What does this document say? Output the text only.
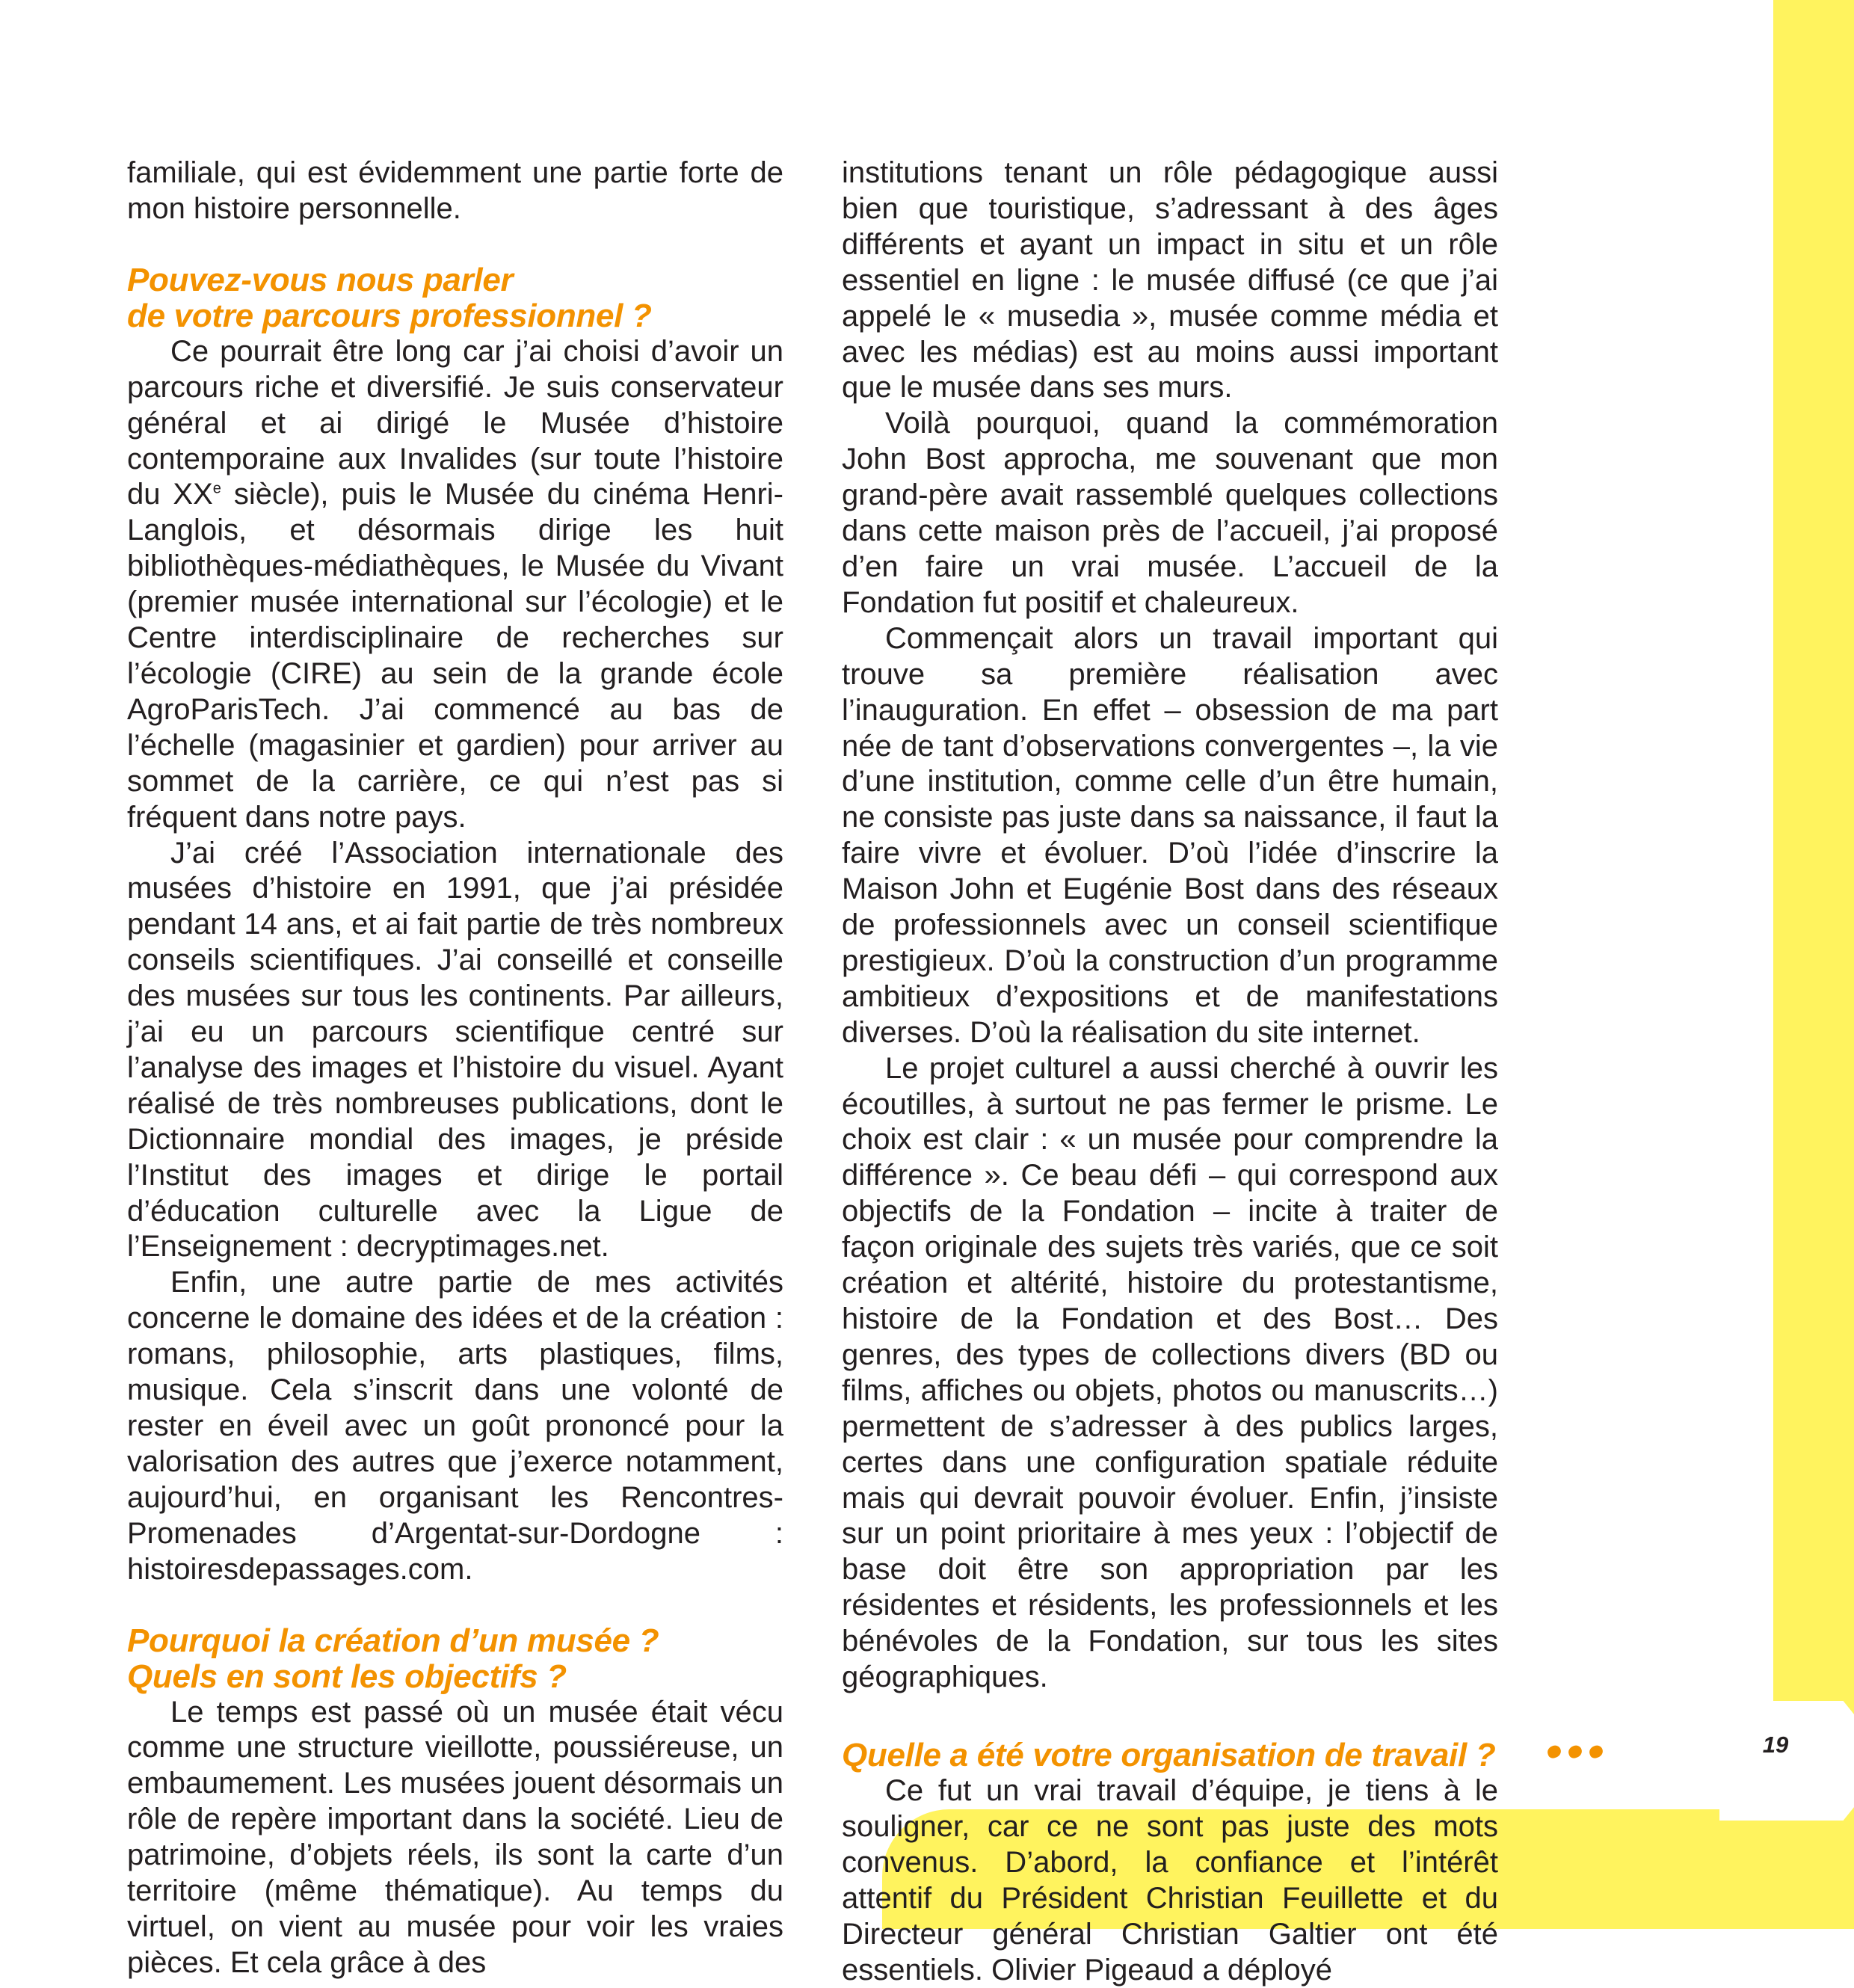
19

familiale, qui est évidemment une partie forte de mon histoire personnelle.

Pouvez-vous nous parler
de votre parcours professionnel ?

Ce pourrait être long car j’ai choisi d’avoir un parcours riche et diversifié. Je suis conservateur général et ai dirigé le Musée d’histoire contemporaine aux Invalides (sur toute l’histoire du XXe siècle), puis le Musée du cinéma Henri-Langlois, et désormais dirige les huit bibliothèques-médiathèques, le Musée du Vivant (premier musée international sur l’écologie) et le Centre interdisciplinaire de recherches sur l’écologie (CIRE) au sein de la grande école AgroParisTech. J’ai commencé au bas de l’échelle (magasinier et gardien) pour arriver au sommet de la carrière, ce qui n’est pas si fréquent dans notre pays.

J’ai créé l’Association internationale des musées d’histoire en 1991, que j’ai présidée pendant 14 ans, et ai fait partie de très nombreux conseils scientifiques. J’ai conseillé et conseille des musées sur tous les continents. Par ailleurs, j’ai eu un parcours scientifique centré sur l’analyse des images et l’histoire du visuel. Ayant réalisé de très nombreuses publications, dont le Dictionnaire mondial des images, je préside l’Institut des images et dirige le portail d’éducation culturelle avec la Ligue de l’Enseignement : decryptimages.net.

Enfin, une autre partie de mes activités concerne le domaine des idées et de la création : romans, philosophie, arts plastiques, films, musique. Cela s’inscrit dans une volonté de rester en éveil avec un goût prononcé pour la valorisation des autres que j’exerce notamment, aujourd’hui, en organisant les Rencontres-Promenades d’Argentat-sur-Dordogne : histoiresdepassages.com.

Pourquoi la création d’un musée ?
Quels en sont les objectifs ?

Le temps est passé où un musée était vécu comme une structure vieillotte, poussiéreuse, un embaumement. Les musées jouent désormais un rôle de repère important dans la société. Lieu de patrimoine, d’objets réels, ils sont la carte d’un territoire (même thématique). Au temps du virtuel, on vient au musée pour voir les vraies pièces. Et cela grâce à des

institutions tenant un rôle pédagogique aussi bien que touristique, s’adressant à des âges différents et ayant un impact in situ et un rôle essentiel en ligne : le musée diffusé (ce que j’ai appelé le « musedia », musée comme média et avec les médias) est au moins aussi important que le musée dans ses murs.

Voilà pourquoi, quand la commémoration John Bost approcha, me souvenant que mon grand-père avait rassemblé quelques collections dans cette maison près de l’accueil, j’ai proposé d’en faire un vrai musée. L’accueil de la Fondation fut positif et chaleureux.

Commençait alors un travail important qui trouve sa première réalisation avec l’inauguration. En effet – obsession de ma part née de tant d’observations convergentes –, la vie d’une institution, comme celle d’un être humain, ne consiste pas juste dans sa naissance, il faut la faire vivre et évoluer. D’où l’idée d’inscrire la Maison John et Eugénie Bost dans des réseaux de professionnels avec un conseil scientifique prestigieux. D’où la construction d’un programme ambitieux d’expositions et de manifestations diverses. D’où la réalisation du site internet.

Le projet culturel a aussi cherché à ouvrir les écoutilles, à surtout ne pas fermer le prisme. Le choix est clair : « un musée pour comprendre la différence ». Ce beau défi – qui correspond aux objectifs de la Fondation – incite à traiter de façon originale des sujets très variés, que ce soit création et altérité, histoire du protestantisme, histoire de la Fondation et des Bost… Des genres, des types de collections divers (BD ou films, affiches ou objets, photos ou manuscrits…) permettent de s’adresser à des publics larges, certes dans une configuration spatiale réduite mais qui devrait pouvoir évoluer. Enfin, j’insiste sur un point prioritaire à mes yeux : l’objectif de base doit être son appropriation par les résidentes et résidents, les professionnels et les bénévoles de la Fondation, sur tous les sites géographiques.

Quelle a été votre organisation de travail ?

Ce fut un vrai travail d’équipe, je tiens à le souligner, car ce ne sont pas juste des mots convenus. D’abord, la confiance et l’intérêt attentif du Président Christian Feuillette et du Directeur général Christian Galtier ont été essentiels. Olivier Pigeaud a déployé
